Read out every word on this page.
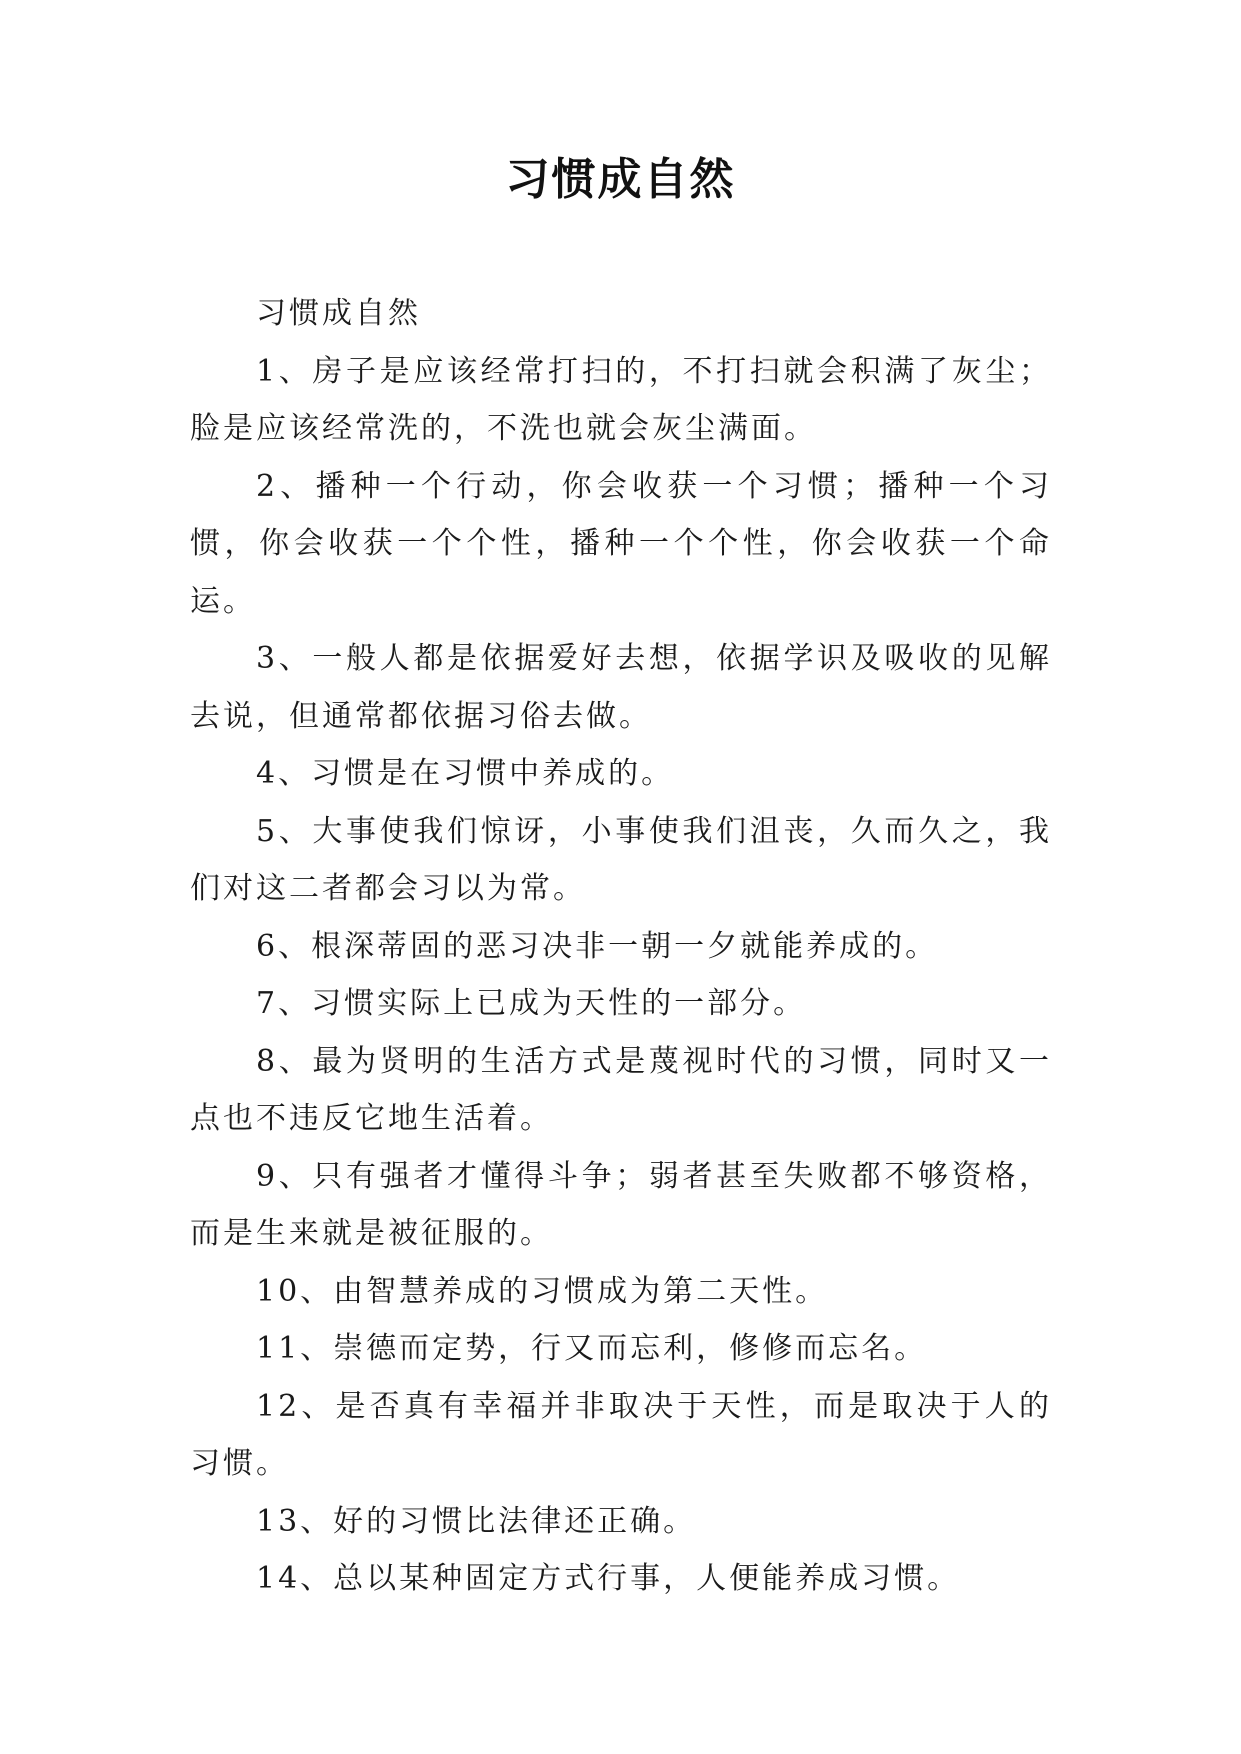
习惯成自然

习惯成自然

1、房子是应该经常打扫的，不打扫就会积满了灰尘；脸是应该经常洗的，不洗也就会灰尘满面。

2、播种一个行动，你会收获一个习惯；播种一个习惯，你会收获一个个性，播种一个个性，你会收获一个命运。

3、一般人都是依据爱好去想，依据学识及吸收的见解去说，但通常都依据习俗去做。

4、习惯是在习惯中养成的。

5、大事使我们惊讶，小事使我们沮丧，久而久之，我们对这二者都会习以为常。

6、根深蒂固的恶习决非一朝一夕就能养成的。

7、习惯实际上已成为天性的一部分。

8、最为贤明的生活方式是蔑视时代的习惯，同时又一点也不违反它地生活着。

9、只有强者才懂得斗争；弱者甚至失败都不够资格，而是生来就是被征服的。

10、由智慧养成的习惯成为第二天性。

11、崇德而定势，行又而忘利，修修而忘名。

12、是否真有幸福并非取决于天性，而是取决于人的习惯。

13、好的习惯比法律还正确。

14、总以某种固定方式行事，人便能养成习惯。
